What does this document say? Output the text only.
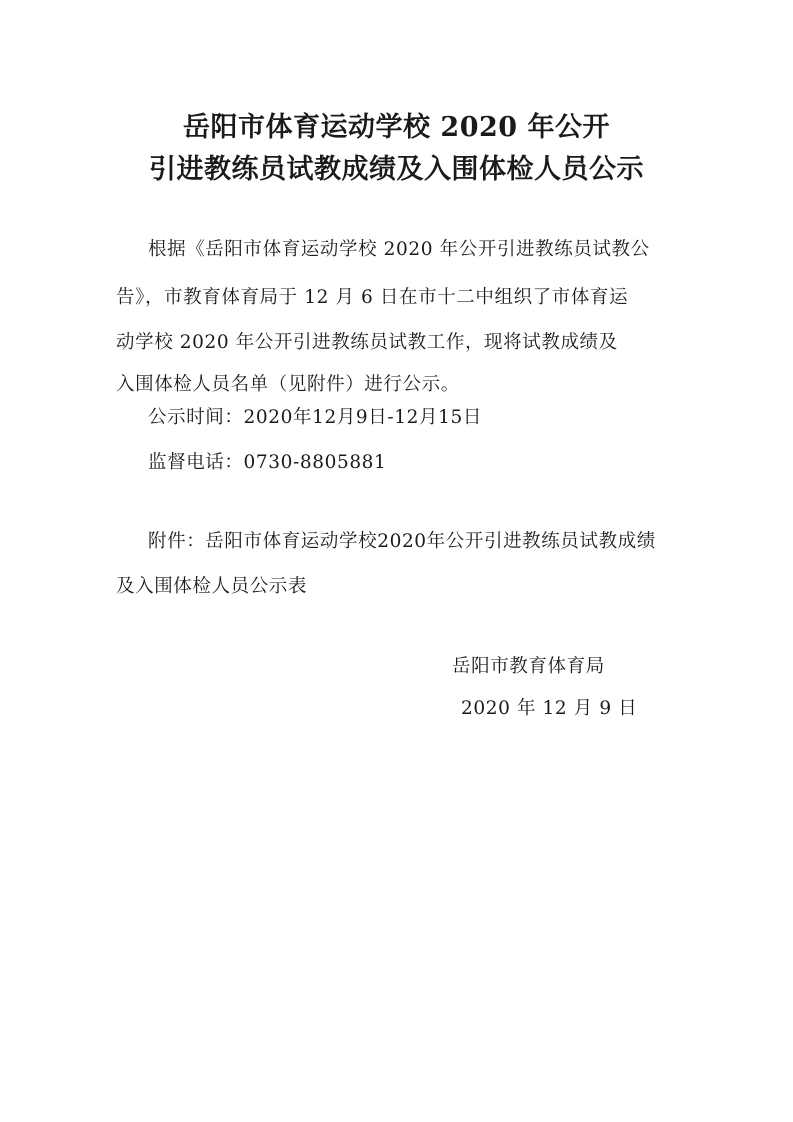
岳阳市体育运动学校 2020 年公开
引进教练员试教成绩及入围体检人员公示
根据《岳阳市体育运动学校 2020 年公开引进教练员试教公
告》，市教育体育局于 12 月 6 日在市十二中组织了市体育运
动学校 2020 年公开引进教练员试教工作，现将试教成绩及
入围体检人员名单（见附件）进行公示。
公示时间：2020年12月9日-12月15日
监督电话：0730-8805881
附件：岳阳市体育运动学校2020年公开引进教练员试教成绩
及入围体检人员公示表
岳阳市教育体育局
2020 年 12 月 9 日
